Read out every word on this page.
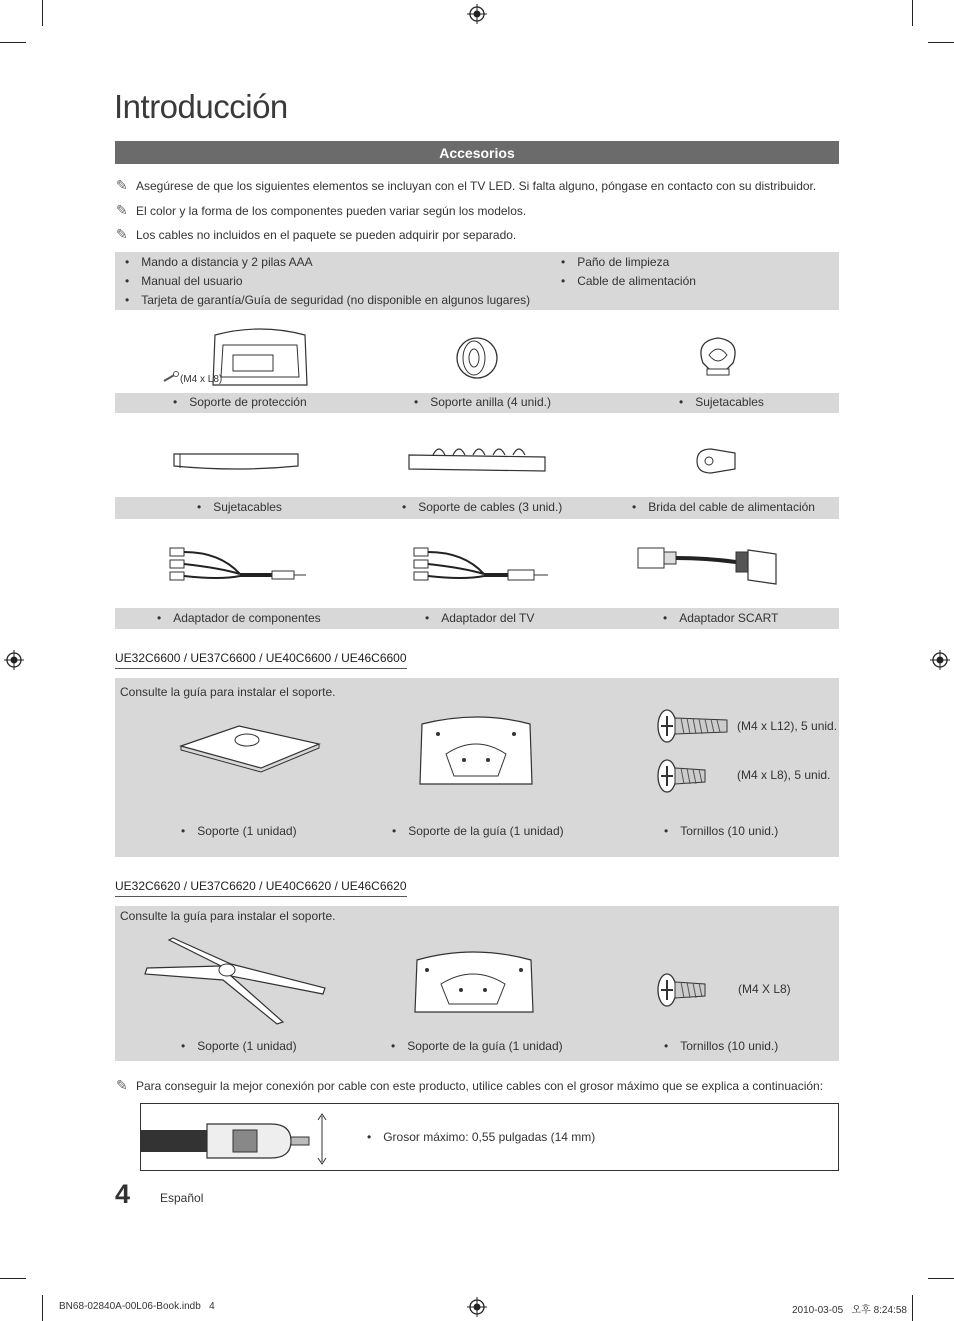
Introducción
Accesorios
✎ Asegúrese de que los siguientes elementos se incluyan con el TV LED. Si falta alguno, póngase en contacto con su distribuidor.
✎ El color y la forma de los componentes pueden variar según los modelos.
✎ Los cables no incluidos en el paquete se pueden adquirir por separado.
• Mando a distancia y 2 pilas AAA
• Manual del usuario
• Tarjeta de garantía/Guía de seguridad (no disponible en algunos lugares)
• Paño de limpieza
• Cable de alimentación
(M4 x L8)
• Soporte de protección	• Soporte anilla (4 unid.)	• Sujetacables
• Sujetacables	• Soporte de cables (3 unid.)	• Brida del cable de alimentación
• Adaptador de componentes	• Adaptador del TV	• Adaptador SCART
UE32C6600 / UE37C6600 / UE40C6600 / UE46C6600
Consulte la guía para instalar el soporte.
(M4 x L12), 5 unid.
(M4 x L8), 5 unid.
• Soporte (1 unidad)	• Soporte de la guía (1 unidad)	• Tornillos (10 unid.)
UE32C6620 / UE37C6620 / UE40C6620 / UE46C6620
Consulte la guía para instalar el soporte.
(M4 X L8)
• Soporte (1 unidad)	• Soporte de la guía (1 unidad)	• Tornillos (10 unid.)
✎ Para conseguir la mejor conexión por cable con este producto, utilice cables con el grosor máximo que se explica a continuación:
• Grosor máximo: 0,55 pulgadas (14 mm)
4 Español
BN68-02840A-00L06-Book.indb   4	2010-03-05   오후 8:24:58
